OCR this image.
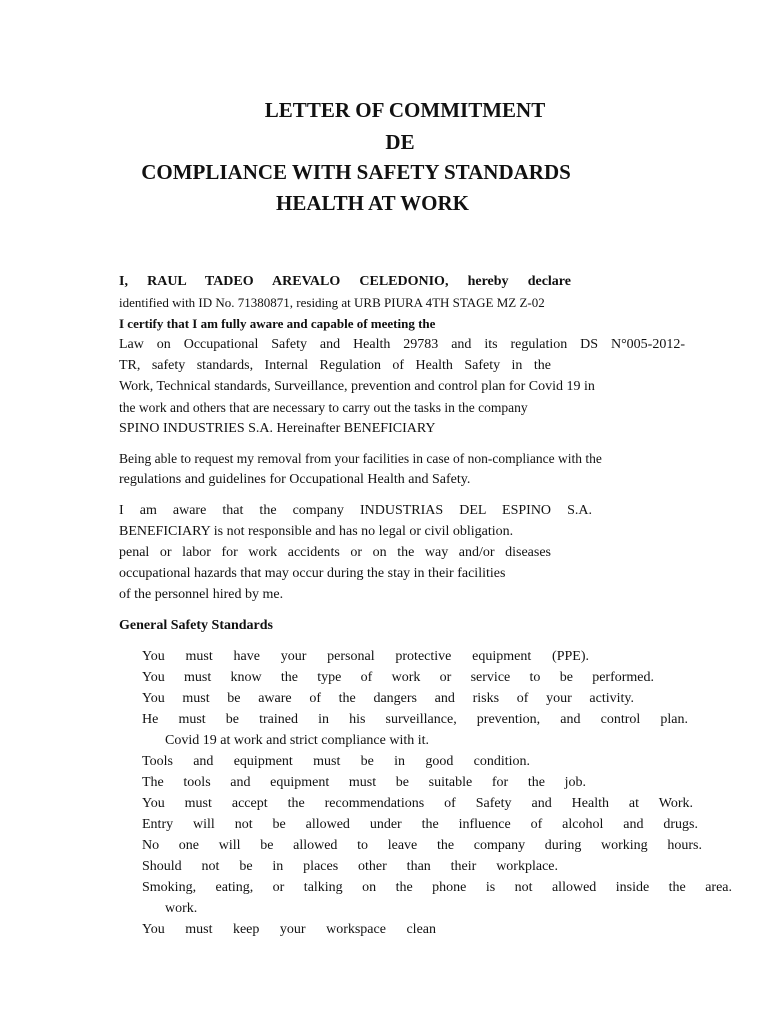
LETTER OF COMMITMENT
DE
COMPLIANCE WITH SAFETY STANDARDS
HEALTH AT WORK
I, RAUL TADEO AREVALO CELEDONIO, hereby declare
identified with ID No. 71380871, residing at URB PIURA 4TH STAGE MZ Z-02
I certify that I am fully aware and capable of meeting the
Law on Occupational Safety and Health 29783 and its regulation DS N°005-2012-
TR, safety standards, Internal Regulation of Health Safety in the
Work, Technical standards, Surveillance, prevention and control plan for Covid 19 in
the work and others that are necessary to carry out the tasks in the company
SPINO INDUSTRIES S.A. Hereinafter BENEFICIARY
Being able to request my removal from your facilities in case of non-compliance with the
regulations and guidelines for Occupational Health and Safety.
I am aware that the company INDUSTRIAS DEL ESPINO S.A.
BENEFICIARY is not responsible and has no legal or civil obligation.
penal or labor for work accidents or on the way and/or diseases
occupational hazards that may occur during the stay in their facilities
of the personnel hired by me.
General Safety Standards
You must have your personal protective equipment (PPE).
You must know the type of work or service to be performed.
You must be aware of the dangers and risks of your activity.
He must be trained in his surveillance, prevention, and control plan.
Covid 19 at work and strict compliance with it.
Tools and equipment must be in good condition.
The tools and equipment must be suitable for the job.
You must accept the recommendations of Safety and Health at Work.
Entry will not be allowed under the influence of alcohol and drugs.
No one will be allowed to leave the company during working hours.
Should not be in places other than their workplace.
Smoking, eating, or talking on the phone is not allowed inside the area.
work.
You must keep your workspace clean
